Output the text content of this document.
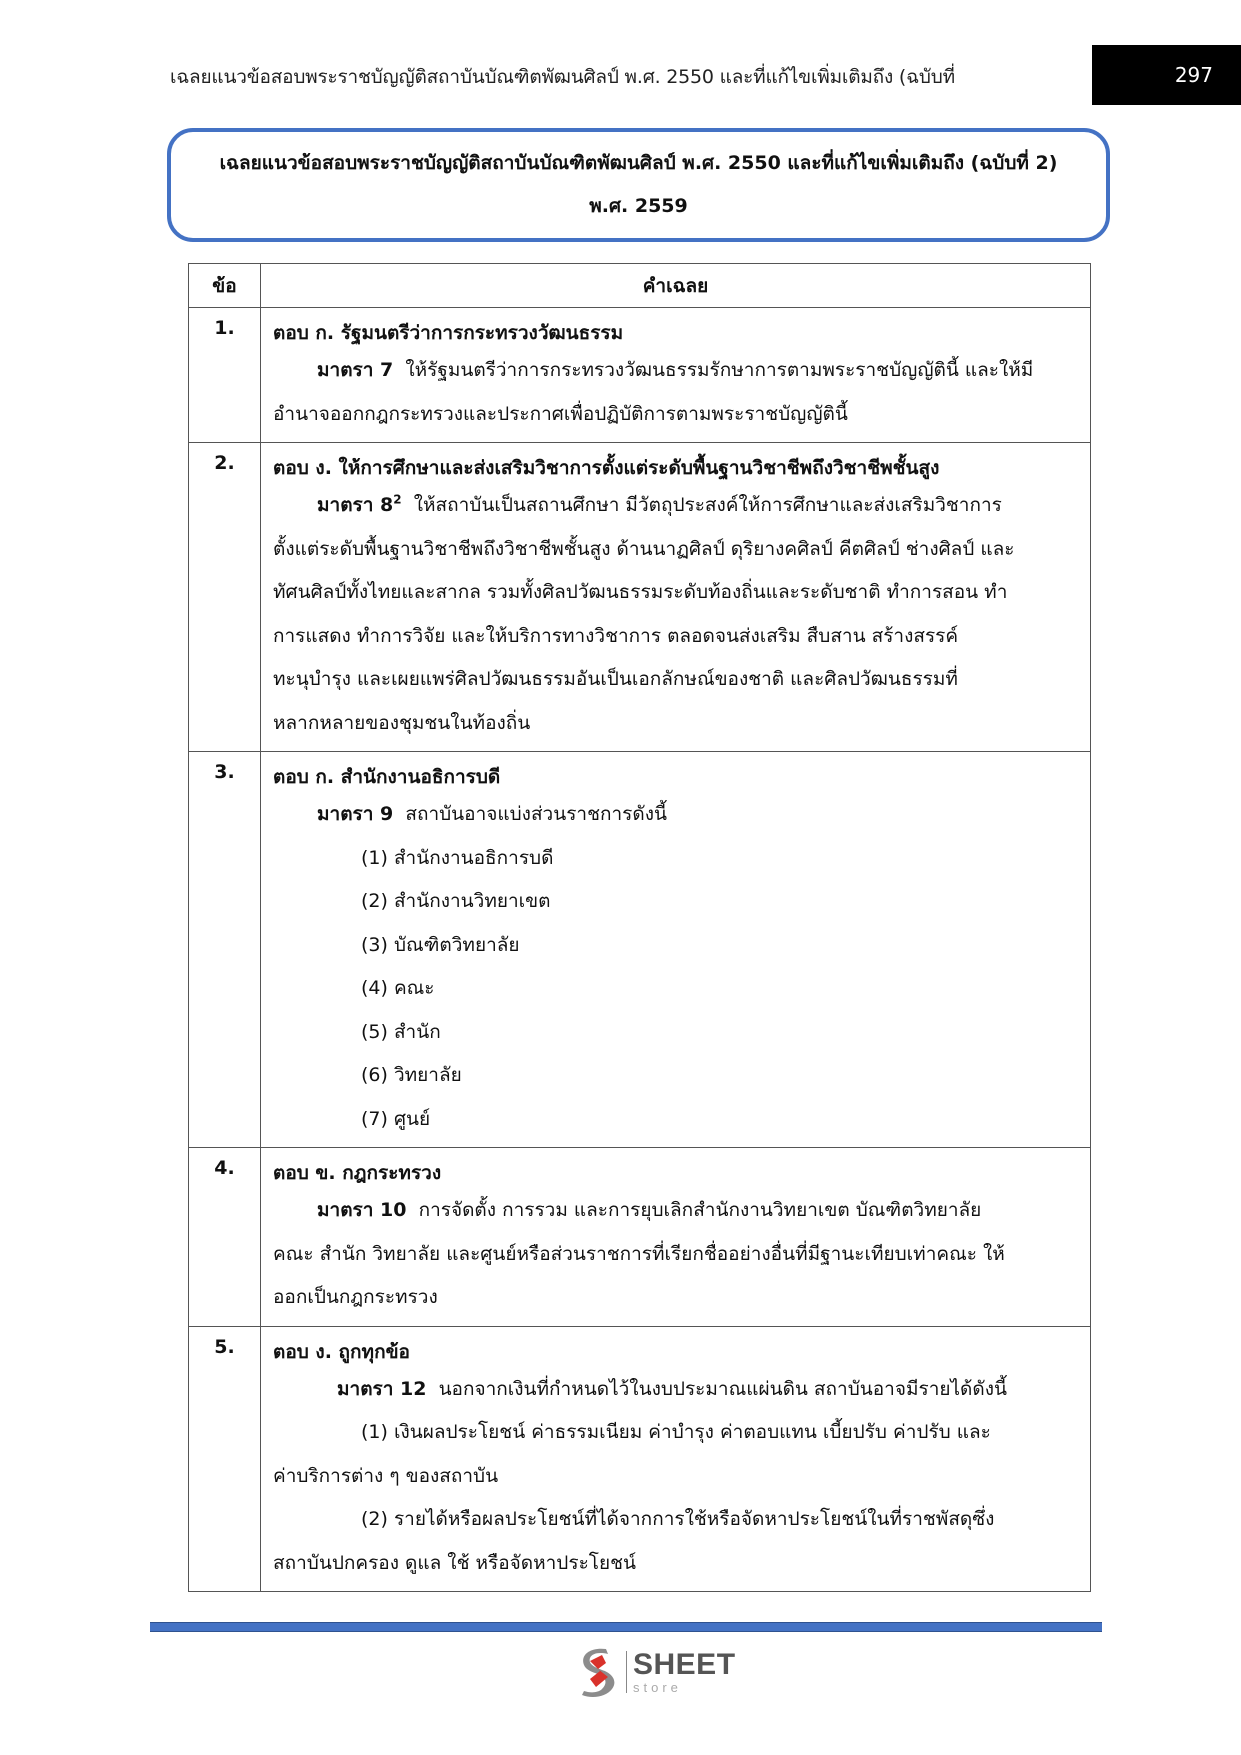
เฉลยแนวข้อสอบพระราชบัญญัติสถาบันบัณฑิตพัฒนศิลป์ พ.ศ. 2550 และที่แก้ไขเพิ่มเติมถึง (ฉบับที่	297
เฉลยแนวข้อสอบพระราชบัญญัติสถาบันบัณฑิตพัฒนศิลป์ พ.ศ. 2550 และที่แก้ไขเพิ่มเติมถึง (ฉบับที่ 2)
พ.ศ. 2559
ข้อ	คำเฉลย
1.	ตอบ ก. รัฐมนตรีว่าการกระทรวงวัฒนธรรม
มาตรา 7 ให้รัฐมนตรีว่าการกระทรวงวัฒนธรรมรักษาการตามพระราชบัญญัตินี้ และให้มี
อำนาจออกกฎกระทรวงและประกาศเพื่อปฏิบัติการตามพระราชบัญญัตินี้

2.	ตอบ ง. ให้การศึกษาและส่งเสริมวิชาการตั้งแต่ระดับพื้นฐานวิชาชีพถึงวิชาชีพชั้นสูง
มาตรา $8^2$ ให้สถาบันเป็นสถานศึกษา มีวัตถุประสงค์ให้การศึกษาและส่งเสริมวิชาการ
ตั้งแต่ระดับพื้นฐานวิชาชีพถึงวิชาชีพชั้นสูง ด้านนาฏศิลป์ ดุริยางคศิลป์ คีตศิลป์ ช่างศิลป์ และ
ทัศนศิลป์ทั้งไทยและสากล รวมทั้งศิลปวัฒนธรรมระดับท้องถิ่นและระดับชาติ ทำการสอน ทำ
การแสดง ทำการวิจัย และให้บริการทางวิชาการ ตลอดจนส่งเสริม สืบสาน สร้างสรรค์
ทะนุบำรุง และเผยแพร่ศิลปวัฒนธรรมอันเป็นเอกลักษณ์ของชาติ และศิลปวัฒนธรรมที่
หลากหลายของชุมชนในท้องถิ่น

3.	ตอบ ก. สำนักงานอธิการบดี
มาตรา 9 สถาบันอาจแบ่งส่วนราชการดังนี้
(1) สำนักงานอธิการบดี
(2) สำนักงานวิทยาเขต
(3) บัณฑิตวิทยาลัย
(4) คณะ
(5) สำนัก
(6) วิทยาลัย
(7) ศูนย์

4.	ตอบ ข. กฎกระทรวง
มาตรา 10 การจัดตั้ง การรวม และการยุบเลิกสำนักงานวิทยาเขต บัณฑิตวิทยาลัย
คณะ สำนัก วิทยาลัย และศูนย์หรือส่วนราชการที่เรียกชื่ออย่างอื่นที่มีฐานะเทียบเท่าคณะ ให้
ออกเป็นกฎกระทรวง

5.	ตอบ ง. ถูกทุกข้อ
มาตรา 12 นอกจากเงินที่กำหนดไว้ในงบประมาณแผ่นดิน สถาบันอาจมีรายได้ดังนี้
(1) เงินผลประโยชน์ ค่าธรรมเนียม ค่าบำรุง ค่าตอบแทน เบี้ยปรับ ค่าปรับ และ
ค่าบริการต่าง ๆ ของสถาบัน
(2) รายได้หรือผลประโยชน์ที่ได้จากการใช้หรือจัดหาประโยชน์ในที่ราชพัสดุซึ่ง
สถาบันปกครอง ดูแล ใช้ หรือจัดหาประโยชน์
SHEET
store
